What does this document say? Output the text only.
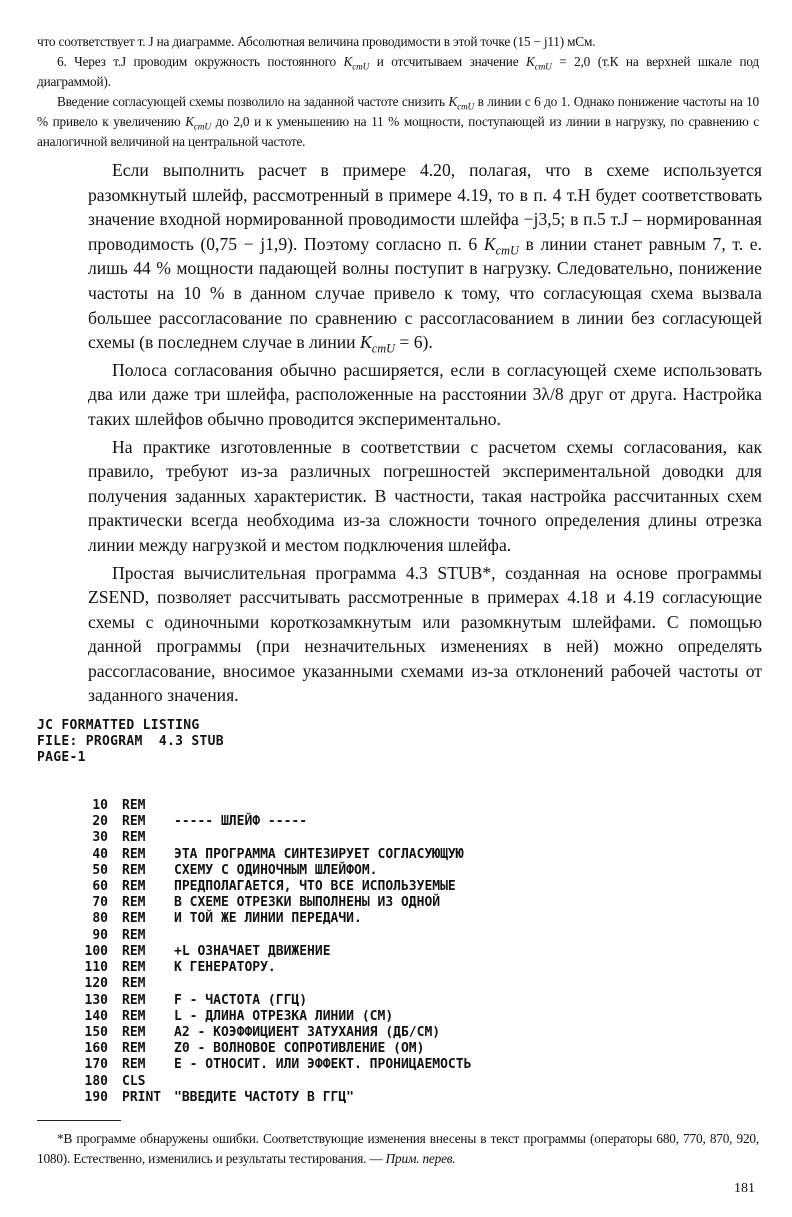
что соответствует т. J на диаграмме. Абсолютная величина проводимости в этой точке (15 − j11) мСм.

6. Через т.J проводим окружность постоянного $K_{стU}$ и отсчитываем значение $K_{стU} = 2,0$ (т.К на верхней шкале под диаграммой).

Введение согласующей схемы позволило на заданной частоте снизить $K_{стU}$ в линии с 6 до 1. Однако понижение частоты на 10 % привело к увеличению $K_{стU}$ до 2,0 и к уменьшению на 11 % мощности, поступающей из линии в нагрузку, по сравнению с аналогичной величиной на центральной частоте.

Если выполнить расчет в примере 4.20, полагая, что в схеме используется разомкнутый шлейф, рассмотренный в примере 4.19, то в п. 4 т.Н будет соответствовать значение входной нормированной проводимости шлейфа −j3,5; в п.5 т.J – нормированная проводимость (0,75 − j1,9). Поэтому согласно п. 6 $K_{стU}$ в линии станет равным 7, т. е. лишь 44 % мощности падающей волны поступит в нагрузку. Следовательно, понижение частоты на 10 % в данном случае привело к тому, что согласующая схема вызвала большее рассогласование по сравнению с рассогласованием в линии без согласующей схемы (в последнем случае в линии $K_{стU} = 6$).

Полоса согласования обычно расширяется, если в согласующей схеме использовать два или даже три шлейфа, расположенные на расстоянии 3λ/8 друг от друга. Настройка таких шлейфов обычно проводится экспериментально.

На практике изготовленные в соответствии с расчетом схемы согласования, как правило, требуют из-за различных погрешностей экспериментальной доводки для получения заданных характеристик. В частности, такая настройка рассчитанных схем практически всегда необходима из-за сложности точного определения длины отрезка линии между нагрузкой и местом подключения шлейфа.

Простая вычислительная программа 4.3 STUB*, созданная на основе программы ZSEND, позволяет рассчитывать рассмотренные в примерах 4.18 и 4.19 согласующие схемы с одиночными короткозамкнутым или разомкнутым шлейфами. С помощью данной программы (при незначительных изменениях в ней) можно определять рассогласование, вносимое указанными схемами из-за отклонений рабочей частоты от заданного значения.

JC FORMATTED LISTING
FILE: PROGRAM  4.3 STUB
PAGE-1
10 REM
20 REM	----- ШЛЕЙФ -----
30 REM
40 REM	ЭТА ПРОГРАММА СИНТЕЗИРУЕТ СОГЛАСУЮЩУЮ
50 REM	СХЕМУ С ОДИНОЧНЫМ ШЛЕЙФОМ.
60 REM	ПРЕДПОЛАГАЕТСЯ, ЧТО ВСЕ ИСПОЛЬЗУЕМЫЕ
70 REM	В СХЕМЕ ОТРЕЗКИ ВЫПОЛНЕНЫ ИЗ ОДНОЙ
80 REM	И ТОЙ ЖЕ ЛИНИИ ПЕРЕДАЧИ.
90 REM
100 REM	+L ОЗНАЧАЕТ ДВИЖЕНИЕ
110 REM	К ГЕНЕРАТОРУ.
120 REM
130 REM	F - ЧАСТОТА (ГГЦ)
140 REM	L - ДЛИНА ОТРЕЗКА ЛИНИИ (СМ)
150 REM	A2 - КОЭФФИЦИЕНТ ЗАТУХАНИЯ (ДБ/СМ)
160 REM	Z0 - ВОЛНОВОЕ СОПРОТИВЛЕНИЕ (ОМ)
170 REM	E - ОТНОСИТ. ИЛИ ЭФФЕКТ. ПРОНИЦАЕМОСТЬ
180 CLS
190 PRINT "ВВЕДИТЕ ЧАСТОТУ В ГГЦ"

*В программе обнаружены ошибки. Соответствующие изменения внесены в текст программы (операторы 680, 770, 870, 920, 1080). Естественно, изменились и результаты тестирования. — Прим. перев.

181
